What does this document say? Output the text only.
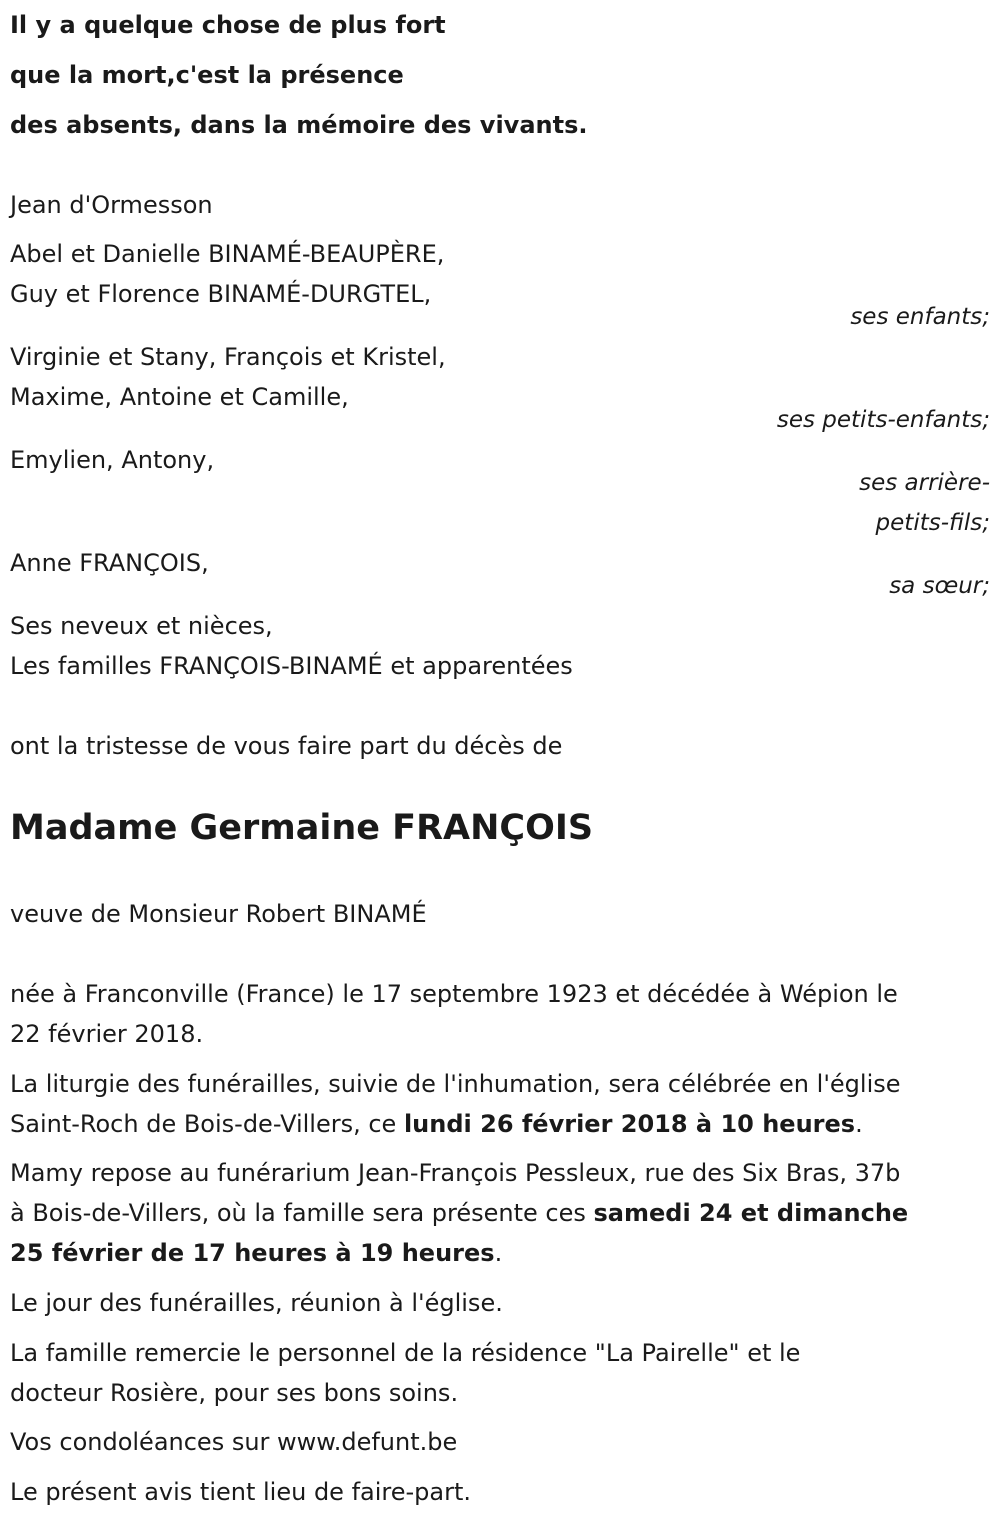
Il y a quelque chose de plus fort
que la mort,c'est la présence
des absents, dans la mémoire des vivants.
Jean d'Ormesson
Abel et Danielle BINAMÉ-BEAUPÈRE,
Guy et Florence BINAMÉ-DURGTEL,
ses enfants;
Virginie et Stany, François et Kristel,
Maxime, Antoine et Camille,
ses petits-enfants;
Emylien, Antony,
ses arrière-
petits-fils;
Anne FRANÇOIS,
sa sœur;
Ses neveux et nièces,
Les familles FRANÇOIS-BINAMÉ et apparentées
ont la tristesse de vous faire part du décès de
Madame Germaine FRANÇOIS
veuve de Monsieur Robert BINAMÉ
née à Franconville (France) le 17 septembre 1923 et décédée à Wépion le
22 février 2018.
La liturgie des funérailles, suivie de l'inhumation, sera célébrée en l'église
Saint-Roch de Bois-de-Villers, ce lundi 26 février 2018 à 10 heures.
Mamy repose au funérarium Jean-François Pessleux, rue des Six Bras, 37b
à Bois-de-Villers, où la famille sera présente ces samedi 24 et dimanche
25 février de 17 heures à 19 heures.
Le jour des funérailles, réunion à l'église.
La famille remercie le personnel de la résidence "La Pairelle" et le
docteur Rosière, pour ses bons soins.
Vos condoléances sur www.defunt.be
Le présent avis tient lieu de faire-part.
